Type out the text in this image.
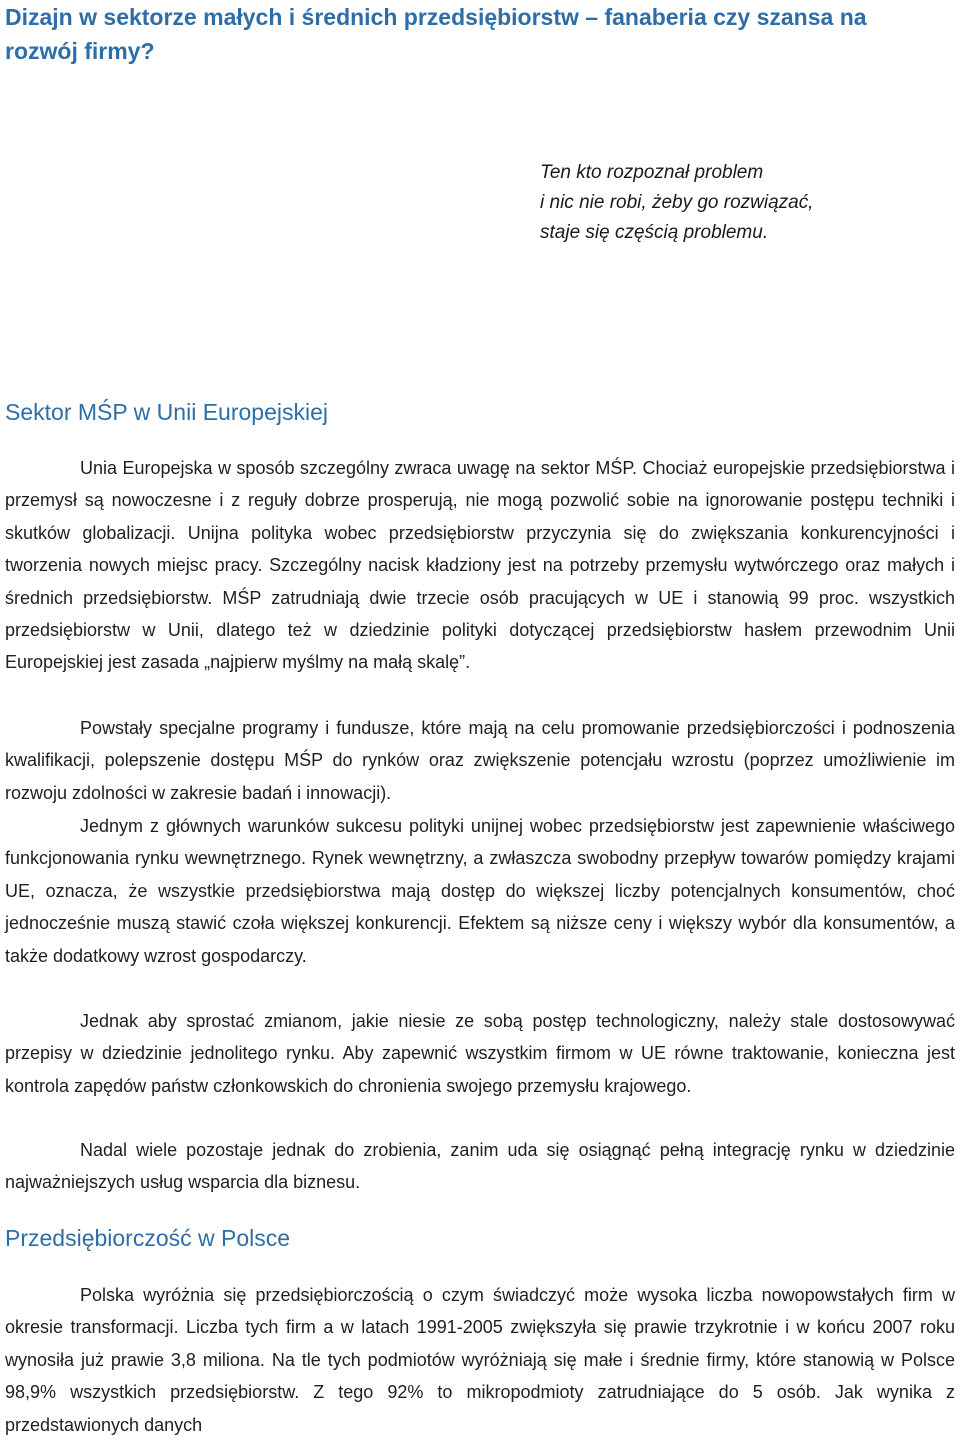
Dizajn w sektorze małych i średnich przedsiębiorstw – fanaberia czy szansa na rozwój firmy?
Ten kto rozpoznał problem
i nic nie robi, żeby go rozwiązać,
staje się częścią problemu.
Sektor MŚP w Unii Europejskiej

Unia Europejska w sposób szczególny zwraca uwagę na sektor MŚP. Chociaż europejskie przedsiębiorstwa i przemysł są nowoczesne i z reguły dobrze prosperują, nie mogą pozwolić sobie na ignorowanie postępu techniki i skutków globalizacji. Unijna polityka wobec przedsiębiorstw przyczynia się do zwiększania konkurencyjności i tworzenia nowych miejsc pracy. Szczególny nacisk kładziony jest na potrzeby przemysłu wytwórczego oraz małych i średnich przedsiębiorstw. MŚP zatrudniają dwie trzecie osób pracujących w UE i stanowią 99 proc. wszystkich przedsiębiorstw w Unii, dlatego też w dziedzinie polityki dotyczącej przedsiębiorstw hasłem przewodnim Unii Europejskiej jest zasada „najpierw myślmy na małą skalę”.

Powstały specjalne programy i fundusze, które mają na celu promowanie przedsiębiorczości i podnoszenia kwalifikacji, polepszenie dostępu MŚP do rynków oraz zwiększenie potencjału wzrostu (poprzez umożliwienie im rozwoju zdolności w zakresie badań i innowacji).

Jednym z głównych warunków sukcesu polityki unijnej wobec przedsiębiorstw jest zapewnienie właściwego funkcjonowania rynku wewnętrznego. Rynek wewnętrzny, a zwłaszcza swobodny przepływ towarów pomiędzy krajami UE, oznacza, że wszystkie przedsiębiorstwa mają dostęp do większej liczby potencjalnych konsumentów, choć jednocześnie muszą stawić czoła większej konkurencji. Efektem są niższe ceny i większy wybór dla konsumentów, a także dodatkowy wzrost gospodarczy.

Jednak aby sprostać zmianom, jakie niesie ze sobą postęp technologiczny, należy stale dostosowywać przepisy w dziedzinie jednolitego rynku. Aby zapewnić wszystkim firmom w UE równe traktowanie, konieczna jest kontrola zapędów państw członkowskich do chronienia swojego przemysłu krajowego.

Nadal wiele pozostaje jednak do zrobienia, zanim uda się osiągnąć pełną integrację rynku w dziedzinie najważniejszych usług wsparcia dla biznesu.

Przedsiębiorczość w Polsce

Polska wyróżnia się przedsiębiorczością o czym świadczyć może wysoka liczba nowopowstałych firm w okresie transformacji. Liczba tych firm a w latach 1991-2005 zwiększyła się prawie trzykrotnie i w końcu 2007 roku wynosiła już prawie 3,8 miliona. Na tle tych podmiotów wyróżniają się małe i średnie firmy, które stanowią w Polsce 98,9% wszystkich przedsiębiorstw. Z tego 92% to mikropodmioty zatrudniające do 5 osób. Jak wynika z przedstawionych danych
